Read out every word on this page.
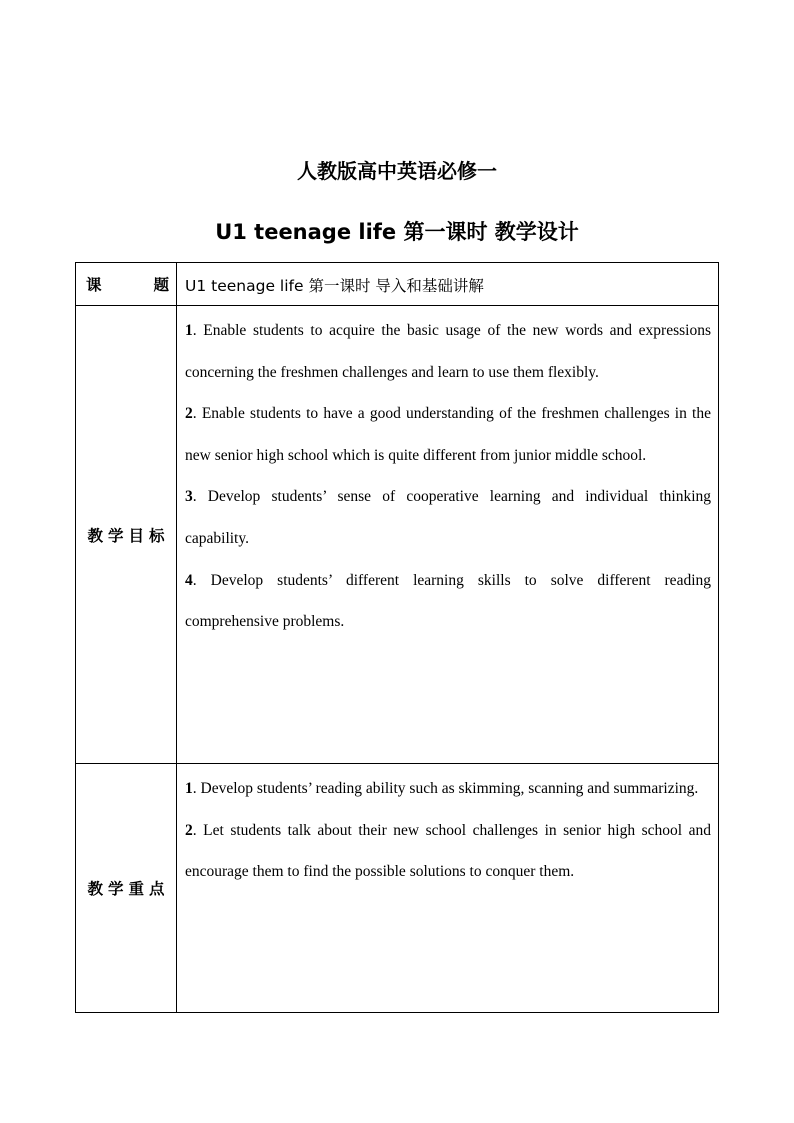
人教版高中英语必修一
U1 teenage life 第一课时 教学设计
课 题	U1 teenage life 第一课时 导入和基础讲解

教学目标	1. Enable students to acquire the basic usage of the new words and expressions concerning the freshmen challenges and learn to use them flexibly.

2. Enable students to have a good understanding of the freshmen challenges in the new senior high school which is quite different from junior middle school.

3. Develop students’ sense of cooperative learning and individual thinking capability.

4. Develop students’ different learning skills to solve different reading comprehensive problems.

教学重点	1. Develop students’ reading ability such as skimming, scanning and summarizing.

2. Let students talk about their new school challenges in senior high school and encourage them to find the possible solutions to conquer them.
